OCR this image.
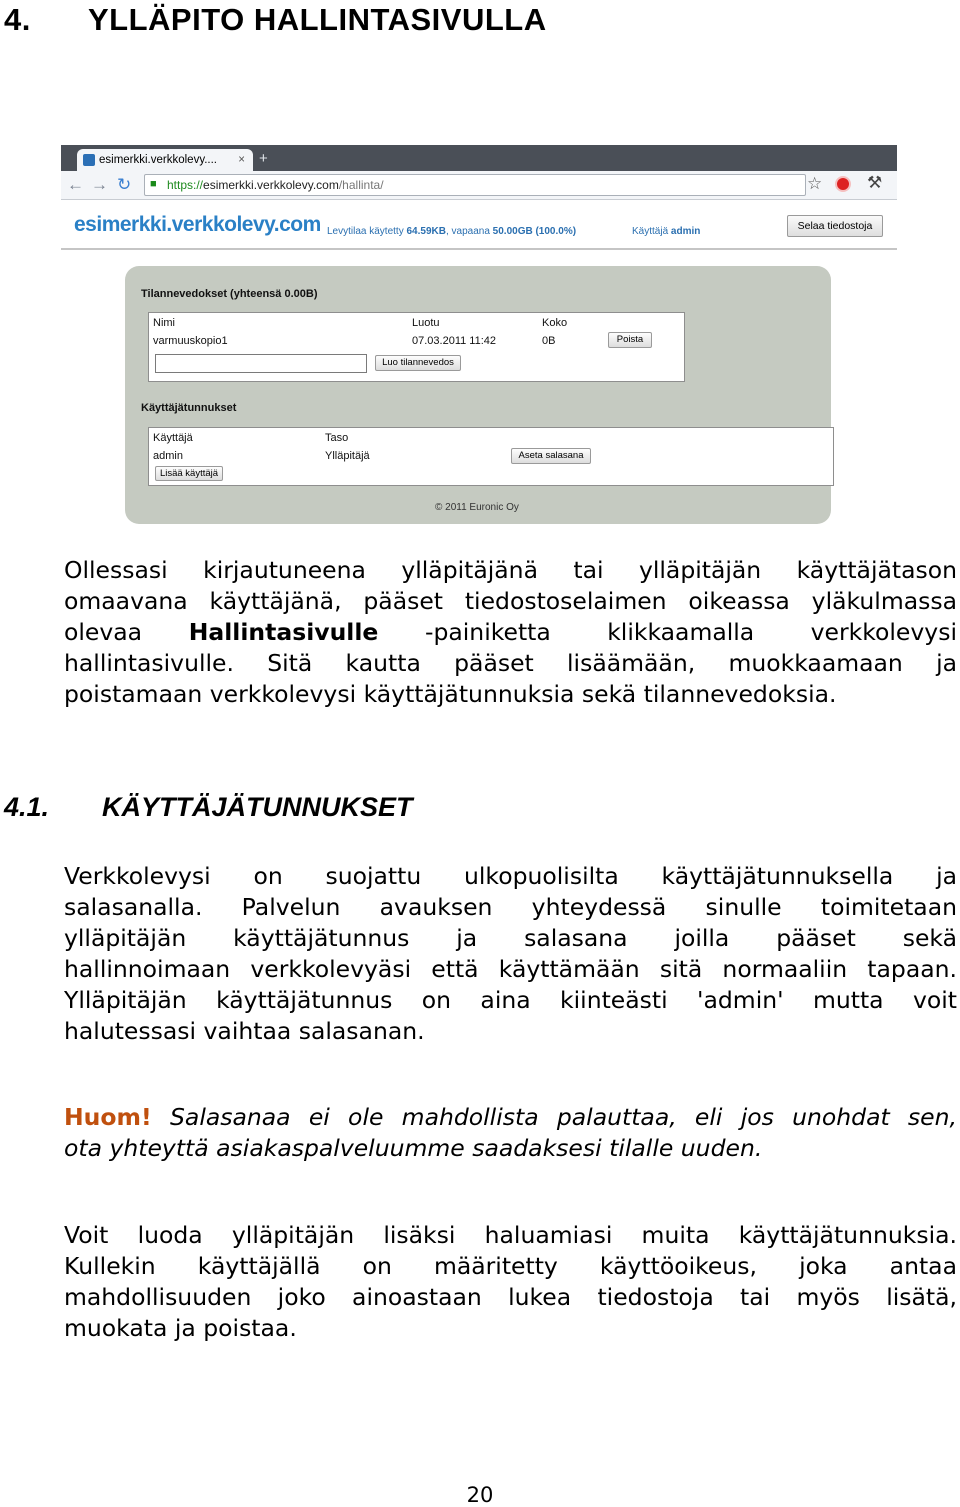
4. YLLÄPITO HALLINTASIVULLA
esimerkki.verkkolevy.... × +
← → ↻ ■ https://esimerkki.verkkolevy.com/hallinta/	☆	⚒
esimerkki.verkkolevy.com Levytilaa käytetty 64.59KB, vapaana 50.00GB (100.0%)	Käyttäjä admin	Selaa tiedostoja
Tilannevedokset (yhteensä 0.00B)
Nimi	Luotu	Koko
varmuuskopio1	07.03.2011 11:42	0B	Poista
Luo tilannevedos
Käyttäjätunnukset
Käyttäjä	Taso
admin	Ylläpitäjä	Aseta salasana
Lisää käyttäjä
© 2011 Euronic Oy
Ollessasi kirjautuneena ylläpitäjänä tai ylläpitäjän käyttäjätason
omaavana käyttäjänä, pääset tiedostoselaimen oikeassa yläkulmassa
olevaa Hallintasivulle -painiketta klikkaamalla verkkolevysi
hallintasivulle. Sitä kautta pääset lisäämään, muokkaamaan ja
poistamaan verkkolevysi käyttäjätunnuksia sekä tilannevedoksia.
4.1. KÄYTTÄJÄTUNNUKSET
Verkkolevysi on suojattu ulkopuolisilta käyttäjätunnuksella ja
salasanalla. Palvelun avauksen yhteydessä sinulle toimitetaan
ylläpitäjän käyttäjätunnus ja salasana joilla pääset sekä
hallinnoimaan verkkolevyäsi että käyttämään sitä normaaliin tapaan.
Ylläpitäjän käyttäjätunnus on aina kiinteästi 'admin' mutta voit
halutessasi vaihtaa salasanan.
Huom! Salasanaa ei ole mahdollista palauttaa, eli jos unohdat sen,
ota yhteyttä asiakaspalveluumme saadaksesi tilalle uuden.
Voit luoda ylläpitäjän lisäksi haluamiasi muita käyttäjätunnuksia.
Kullekin käyttäjällä on määritetty käyttöoikeus, joka antaa
mahdollisuuden joko ainoastaan lukea tiedostoja tai myös lisätä,
muokata ja poistaa.
20
